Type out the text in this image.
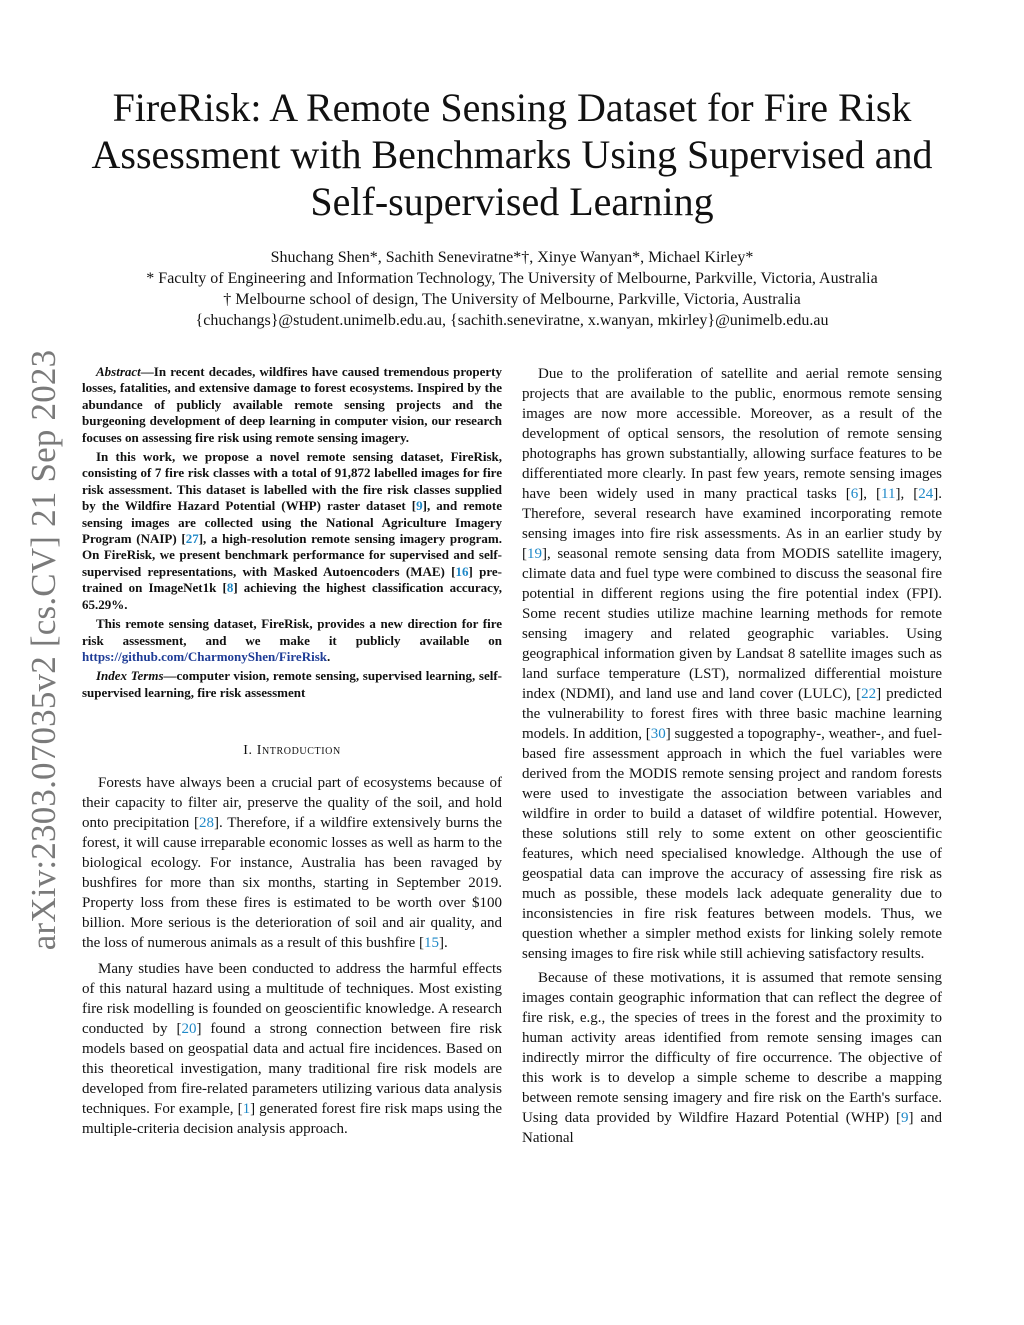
arXiv:2303.07035v2 [cs.CV] 21 Sep 2023
FireRisk: A Remote Sensing Dataset for Fire Risk
Assessment with Benchmarks Using Supervised and
Self-supervised Learning
Shuchang Shen*, Sachith Seneviratne*†, Xinye Wanyan*, Michael Kirley*
* Faculty of Engineering and Information Technology, The University of Melbourne, Parkville, Victoria, Australia
† Melbourne school of design, The University of Melbourne, Parkville, Victoria, Australia
{chuchangs}@student.unimelb.edu.au, {sachith.seneviratne, x.wanyan, mkirley}@unimelb.edu.au

Abstract—In recent decades, wildfires have caused tremendous property losses, fatalities, and extensive damage to forest ecosystems. Inspired by the abundance of publicly available remote sensing projects and the burgeoning development of deep learning in computer vision, our research focuses on assessing fire risk using remote sensing imagery.

In this work, we propose a novel remote sensing dataset, FireRisk, consisting of 7 fire risk classes with a total of 91,872 labelled images for fire risk assessment. This dataset is labelled with the fire risk classes supplied by the Wildfire Hazard Potential (WHP) raster dataset [9], and remote sensing images are collected using the National Agriculture Imagery Program (NAIP) [27], a high-resolution remote sensing imagery program. On FireRisk, we present benchmark performance for supervised and self-supervised representations, with Masked Autoencoders (MAE) [16] pre-trained on ImageNet1k [8] achieving the highest classification accuracy, 65.29%.

This remote sensing dataset, FireRisk, provides a new direction for fire risk assessment, and we make it publicly available on https://github.com/CharmonyShen/FireRisk.

Index Terms—computer vision, remote sensing, supervised learning, self-supervised learning, fire risk assessment

I. Introduction

Forests have always been a crucial part of ecosystems because of their capacity to filter air, preserve the quality of the soil, and hold onto precipitation [28]. Therefore, if a wildfire extensively burns the forest, it will cause irreparable economic losses as well as harm to the biological ecology. For instance, Australia has been ravaged by bushfires for more than six months, starting in September 2019. Property loss from these fires is estimated to be worth over $100 billion. More serious is the deterioration of soil and air quality, and the loss of numerous animals as a result of this bushfire [15].

Many studies have been conducted to address the harmful effects of this natural hazard using a multitude of techniques. Most existing fire risk modelling is founded on geoscientific knowledge. A research conducted by [20] found a strong connection between fire risk models based on geospatial data and actual fire incidences. Based on this theoretical investigation, many traditional fire risk models are developed from fire-related parameters utilizing various data analysis techniques. For example, [1] generated forest fire risk maps using the multiple-criteria decision analysis approach.

Due to the proliferation of satellite and aerial remote sensing projects that are available to the public, enormous remote sensing images are now more accessible. Moreover, as a result of the development of optical sensors, the resolution of remote sensing photographs has grown substantially, allowing surface features to be differentiated more clearly. In past few years, remote sensing images have been widely used in many practical tasks [6], [11], [24]. Therefore, several research have examined incorporating remote sensing images into fire risk assessments. As in an earlier study by [19], seasonal remote sensing data from MODIS satellite imagery, climate data and fuel type were combined to discuss the seasonal fire potential in different regions using the fire potential index (FPI). Some recent studies utilize machine learning methods for remote sensing imagery and related geographic variables. Using geographical information given by Landsat 8 satellite images such as land surface temperature (LST), normalized differential moisture index (NDMI), and land use and land cover (LULC), [22] predicted the vulnerability to forest fires with three basic machine learning models. In addition, [30] suggested a topography-, weather-, and fuel-based fire assessment approach in which the fuel variables were derived from the MODIS remote sensing project and random forests were used to investigate the association between variables and wildfire in order to build a dataset of wildfire potential. However, these solutions still rely to some extent on other geoscientific features, which need specialised knowledge. Although the use of geospatial data can improve the accuracy of assessing fire risk as much as possible, these models lack adequate generality due to inconsistencies in fire risk features between models. Thus, we question whether a simpler method exists for linking solely remote sensing images to fire risk while still achieving satisfactory results.

Because of these motivations, it is assumed that remote sensing images contain geographic information that can reflect the degree of fire risk, e.g., the species of trees in the forest and the proximity to human activity areas identified from remote sensing images can indirectly mirror the difficulty of fire occurrence. The objective of this work is to develop a simple scheme to describe a mapping between remote sensing imagery and fire risk on the Earth's surface. Using data provided by Wildfire Hazard Potential (WHP) [9] and National
